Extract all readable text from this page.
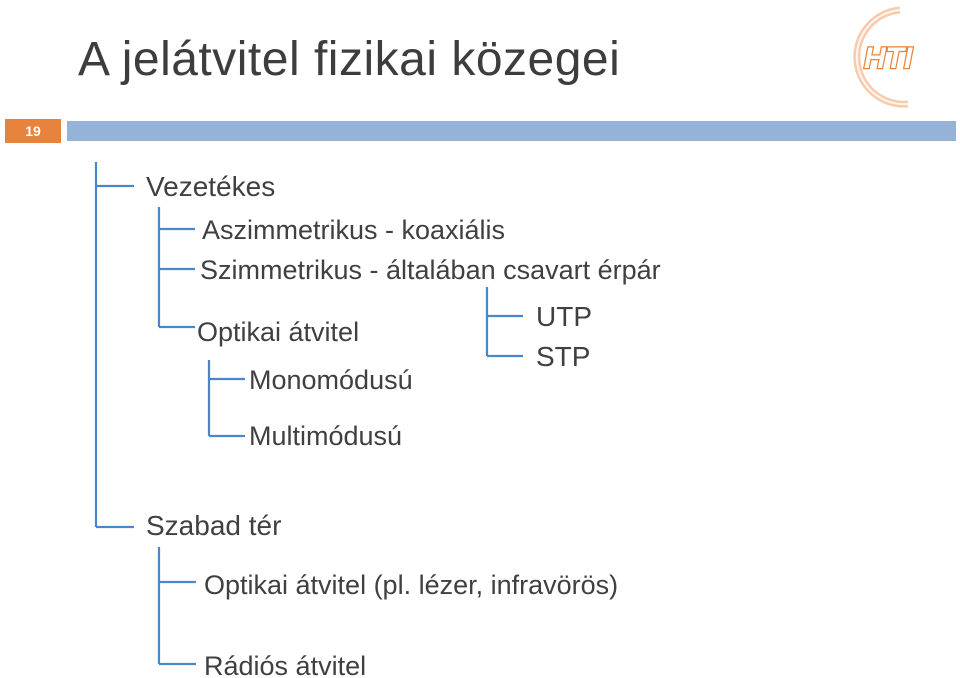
A jelátvitel fizikai közegei	HTI
19
Vezetékes
Aszimmetrikus - koaxiális
Szimmetrikus - általában csavart érpár
UTP
STP
Optikai átvitel
Monomódusú
Multimódusú
Szabad tér
Optikai átvitel (pl. lézer, infravörös)
Rádiós átvitel
